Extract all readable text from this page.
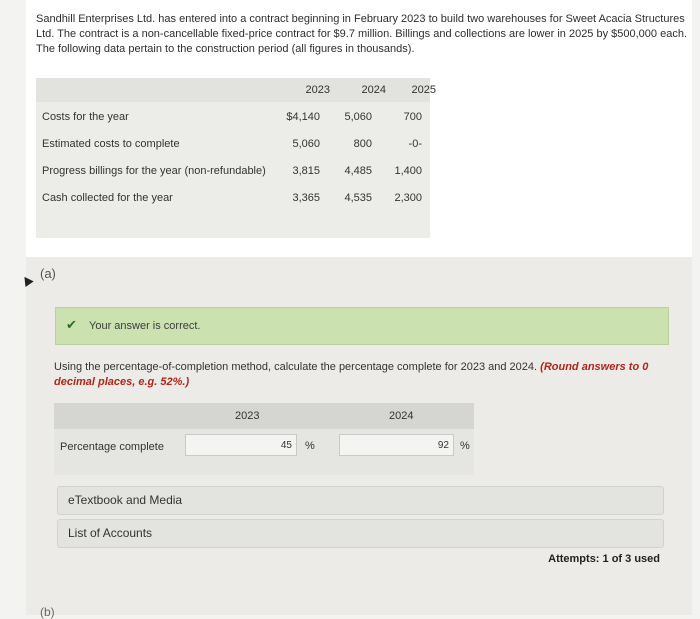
Sandhill Enterprises Ltd. has entered into a contract beginning in February 2023 to build two warehouses for Sweet Acacia Structures Ltd. The contract is a non-cancellable fixed-price contract for $9.7 million. Billings and collections are lower in 2025 by $500,000 each. The following data pertain to the construction period (all figures in thousands).
2023	2024	2025
Costs for the year	$4,140	5,060	700
Estimated costs to complete	5,060	800	-0-
Progress billings for the year (non-refundable)	3,815	4,485	1,400
Cash collected for the year	3,365	4,535	2,300
(a)
✔ Your answer is correct.
Using the percentage-of-completion method, calculate the percentage complete for 2023 and 2024. (Round answers to 0 decimal places, e.g. 52%.)
2023	2024
Percentage complete	45	%	92	%
eTextbook and Media
List of Accounts
Attempts: 1 of 3 used
(b)
